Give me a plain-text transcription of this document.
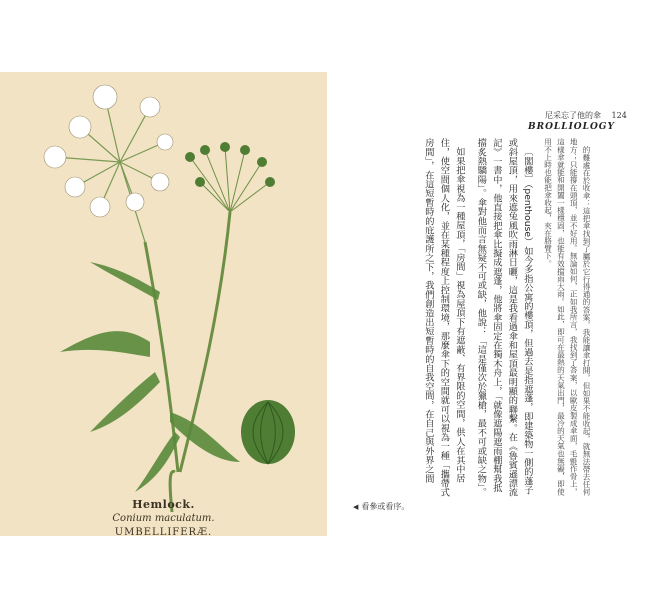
Hemlock.
Conium maculatum.
UMBELLIFERÆ.
尼采忘了他的傘 124
BROLLIOLOGY

的難處在於收傘：這把傘找到了屬於它行得通的答案，我能讓傘打開，但如果不能收起，就無法帶去任何地方；只能撐在頭頂，並不好用。無論如何，正如我所言，我找到了答案，以歐皮製成傘面，毛氈作骨上，這樣傘就能和開闔一樣穩固，也能有效擋雨大雨。如此，即可在最熱的天氣出門，最冷的天氣也無礙，即使用不上時也能把傘收起，夾在胳臂下。

〔閣樓〕（penthouse）如今多指公寓的樓頂，但過去是指遮蓬，即建築物一側的蓬子或斜屋頂，用來遮兔風吹雨淋日曬，這是我看過傘和屋頂最明顯的聯繫。在《魯賓遜漂流記》一書中，他直接把傘比擬成遮蓬，他將傘固定在獨木舟上，「就像遮陽遮雨棚幫我抵擋炙熱驕陽」。傘對他而言無疑不可或缺，他說：「這是僅次於獵槍，最不可或缺之物」。

如果把傘視為一種屋頂，「房間」視為屋頂下有遮蔽、有界限的空間，供人在其中居住，使空間個人化，並在某種程度上控制環境，那麼傘下的空間就可以視為一種「攜帶式房間」，在這短暫時的庇護所之下，我們創造出短暫時的自我空間，在自己與外界之間

◀ 看參或看序。
